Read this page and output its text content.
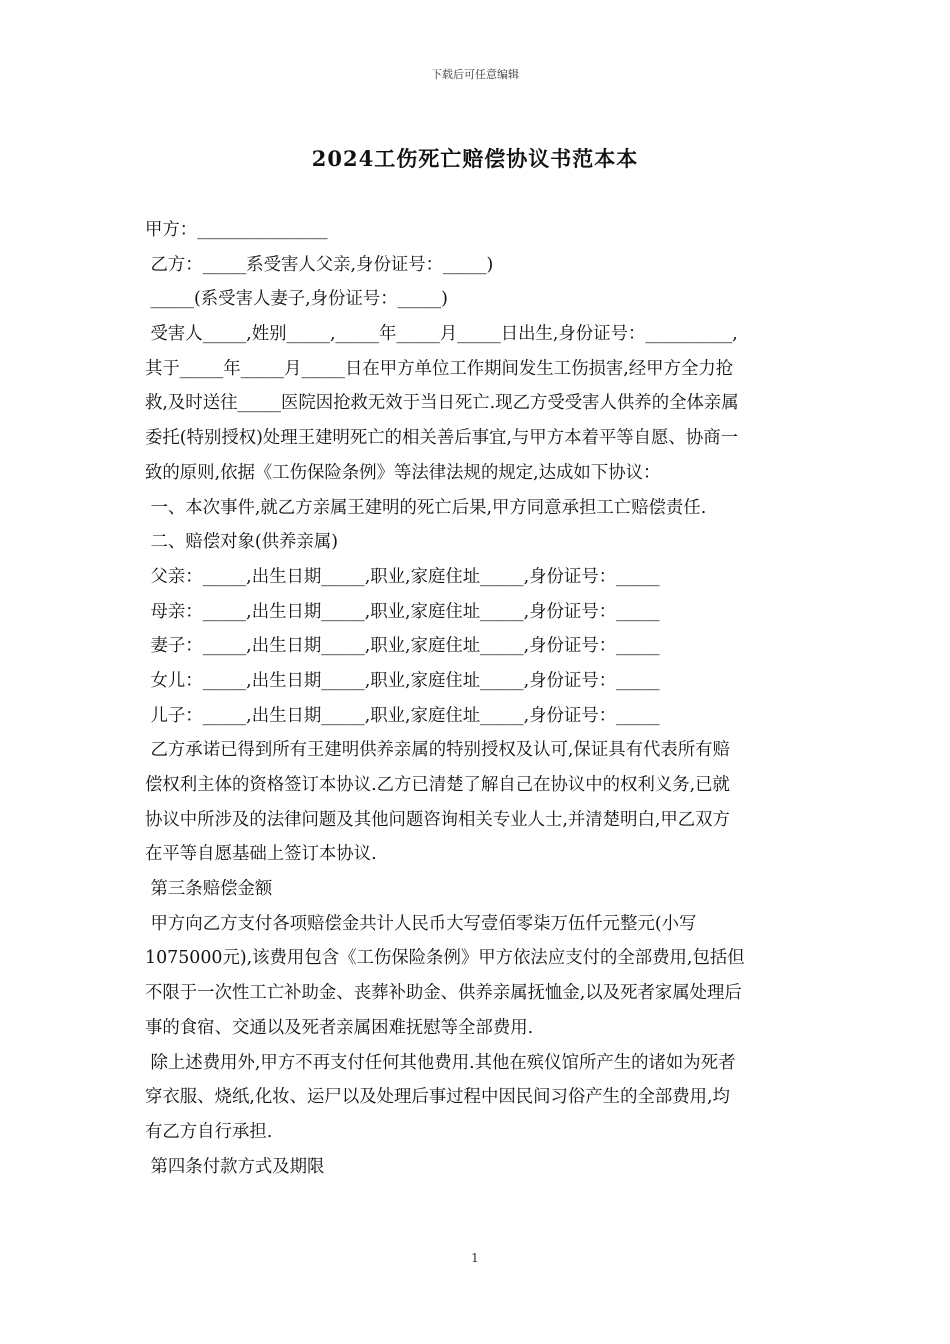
下载后可任意编辑
2024工伤死亡赔偿协议书范本本

甲方：_______________

乙方：_____系受害人父亲,身份证号：_____)

_____(系受害人妻子,身份证号：_____)

受害人_____,姓别_____,_____年_____月_____日出生,身份证号：__________,

其于_____年_____月_____日在甲方单位工作期间发生工伤损害,经甲方全力抢

救,及时送往_____医院因抢救无效于当日死亡.现乙方受受害人供养的全体亲属

委托(特别授权)处理王建明死亡的相关善后事宜,与甲方本着平等自愿、协商一

致的原则,依据《工伤保险条例》等法律法规的规定,达成如下协议：

一、本次事件,就乙方亲属王建明的死亡后果,甲方同意承担工亡赔偿责任.

二、赔偿对象(供养亲属)

父亲：_____,出生日期_____,职业,家庭住址_____,身份证号：_____

母亲：_____,出生日期_____,职业,家庭住址_____,身份证号：_____

妻子：_____,出生日期_____,职业,家庭住址_____,身份证号：_____

女儿：_____,出生日期_____,职业,家庭住址_____,身份证号：_____

儿子：_____,出生日期_____,职业,家庭住址_____,身份证号：_____

乙方承诺已得到所有王建明供养亲属的特别授权及认可,保证具有代表所有赔

偿权利主体的资格签订本协议.乙方已清楚了解自己在协议中的权利义务,已就

协议中所涉及的法律问题及其他问题咨询相关专业人士,并清楚明白,甲乙双方

在平等自愿基础上签订本协议.

第三条赔偿金额

甲方向乙方支付各项赔偿金共计人民币大写壹佰零柒万伍仟元整元(小写

1075000元),该费用包含《工伤保险条例》甲方依法应支付的全部费用,包括但

不限于一次性工亡补助金、丧葬补助金、供养亲属抚恤金,以及死者家属处理后

事的食宿、交通以及死者亲属困难抚慰等全部费用.

除上述费用外,甲方不再支付任何其他费用.其他在殡仪馆所产生的诸如为死者

穿衣服、烧纸,化妆、运尸以及处理后事过程中因民间习俗产生的全部费用,均

有乙方自行承担.

第四条付款方式及期限

1
